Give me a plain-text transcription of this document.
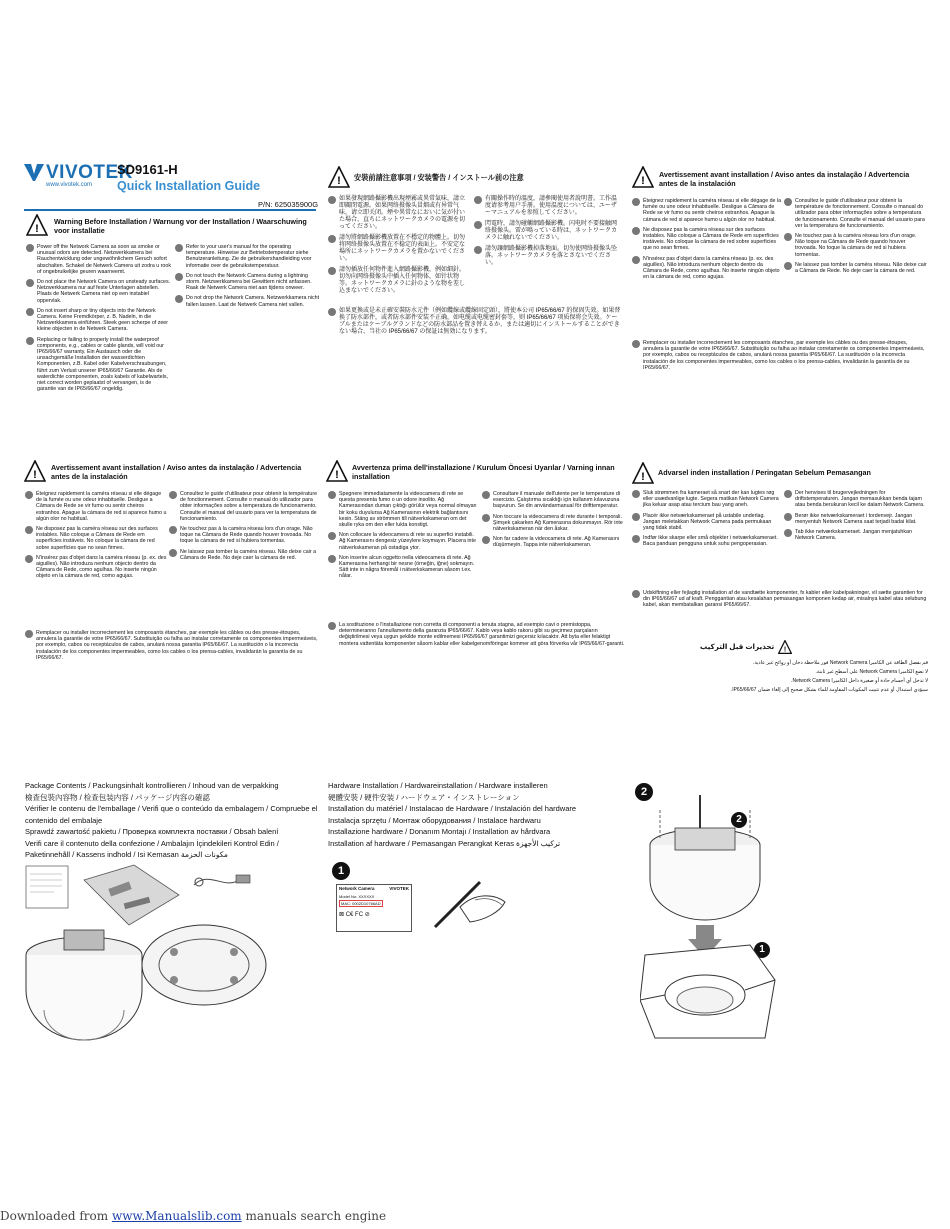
VIVOTEK
www.vivotek.com
SD9161-H
Quick Installation Guide
P/N: 625035900G
!
Warning Before Installation / Warnung vor der Installation / Waarschuwing voor installatie
Power off the Network Camera as soon as smoke or unusual odors are detected. Netzwerkkamera bei Rauchentwicklung oder ungewöhnlichem Geruch sofort abschalten. Schakel de Netwerk Camera uit zodra u rook of ongebruikelijke geuren waarneemt.
Do not place the Network Camera on unsteady surfaces. Netzwerkkamera nur auf feste Unterlagen abstellen. Plaats de Netwerk Camera niet op een instabiel oppervlak.
Do not insert sharp or tiny objects into the Network Camera. Keine Fremdkörper, z. B. Nadeln, in die Netzwerkkamera einführen. Steek geen scherpe of zeer kleine objecten in de Netwerk Camera.
Replacing or failing to properly install the waterproof components, e.g., cables or cable glands, will void our IP65/66/67 warranty. Ein Austausch oder die unsachgemäße Installation der wasserdichten Komponenten, z.B. Kabel oder Kabelverschraubungen, führt zum Verlust unserer IP65/66/67 Garantie. Als de waterdichte componenten, zoals kabels of kabelwartels, niet correct worden geplaatst of vervangen, is de garantie van de IP65/66/67 ongeldig.
Refer to your user's manual for the operating temperature. Hinweise zur Betriebstemperatur siehe Benutzeranleitung. Zie de gebruikershandleiding voor informatie over de gebruikstemperatuur.
Do not touch the Network Camera during a lightning storm. Netzwerkkamera bei Gewittern nicht anfassen. Raak de Netwerk Camera niet aan tijdens onweer.
Do not drop the Network Camera. Netzwerkkamera nicht fallen lassen. Laat de Netwerk Camera niet vallen.
! 安裝前請注意事項 / 安装警告 / インストール前の注意
如果發現網路攝影機出現煙霧或異常氣味，請立即關閉電源。如果网络摄像头冒烟或有异常气味，请立即关闭。煙や異常なにおいに気が付いた場合、直ちにネットワークカメラの電源を切ってください。
請勿將網路攝影機放置在不穩定的物體上。切勿将网络摄像头放置在不稳定的表面上。不安定な場所にネットワークカメラを置かないでください。
請勿插放任何物件進入網路攝影機，例如細針。切勿向网络摄像头中插入任何物体，如针状物等。ネットワークカメラに針のような物を差し込まないでください。
有關操作時的溫度，請參閱使用者說明書。工作温度请参考用户手册。使用温度については、ユーザーマニュアルを参照してください。
閃電時，請勿碰觸網路攝影機。闪电时不要接触网络摄像头。雷が鳴っている時は、ネットワークカメラに触れないでください。
請勿讓網路攝影機掉落地面。切勿使网络摄像头坠落。ネットワークカメラを落とさないでください。
如果更換或是未正確安裝防水元件（例如纜線或纜線固定頭），將使本公司 IP65/66/67 的保固失效。如果替换了防水部件，或者防水部件安装不正确，如电缆或电缆密封套等，则 IP65/66/67 项质保将会失效。ケーブルまたはケーブルグランドなどの防水部品を置き替えるか、または適切にインストールすることができない場合、当社の IP65/66/67 の保証は無効になります。
!
Avertissement avant installation / Aviso antes da instalação / Advertencia antes de la instalación
Éteignez rapidement la caméra réseau si elle dégage de la fumée ou une odeur inhabituelle. Desligue a Câmara de Rede se vir fumo ou sentir cheiros estranhos. Apague la cámara de red si aparece humo u algún olor no habitual.
Ne disposez pas la caméra réseau sur des surfaces instables. Não coloque a Câmara de Rede em superfícies instáveis. No coloque la cámara de red sobre superficies que no sean firmes.
N'insérez pas d'objet dans la caméra réseau (p. ex. des aiguilles). Não introduza nenhum objecto dentro da Câmara de Rede, como agulhas. No inserte ningún objeto en la cámara de red, como agujas.
Consultez le guide d'utilisateur pour obtenir la température de fonctionnement. Consulte o manual do utilizador para obter informações sobre a temperatura de funcionamento. Consulte el manual del usuario para ver la temperatura de funcionamiento.
Ne touchez pas à la caméra réseau lors d'un orage. Não toque na Câmara de Rede quando houver trovoada. No toque la cámara de red si hubiera tormentas.
Ne laissez pas tomber la caméra réseau. Não deixe cair a Câmara de Rede. No deje caer la cámara de red.
Remplacer ou installer incorrectement les composants étanches, par exemple les câbles ou des presse-étoupes, annulera la garantie de votre IP65/66/67. Substituição ou falha ao instalar corretamente os componentes impermeáveis, por exemplo, cabos ou receptáculos de cabos, anulará nossa garantia IP65/66/67. La sustitución o la incorrecta instalación de los componentes impermeables, como los cables o los prensa-cables, invalidarán la garantía de su IP65/66/67.
!
Avertissement avant installation / Aviso antes da instalação / Advertencia antes de la instalación
Éteignez rapidement la caméra réseau si elle dégage de la fumée ou une odeur inhabituelle. Desligue a Câmara de Rede se vir fumo ou sentir cheiros estranhos. Apague la cámara de red si aparece humo u algún olor no habitual.
Ne disposez pas la caméra réseau sur des surfaces instables. Não coloque a Câmara de Rede em superfícies instáveis. No coloque la cámara de red sobre superficies que no sean firmes.
N'insérez pas d'objet dans la caméra réseau (p. ex. des aiguilles). Não introduza nenhum objecto dentro da Câmara de Rede, como agulhas. No inserte ningún objeto en la cámara de red, como agujas.
Consultez le guide d'utilisateur pour obtenir la température de fonctionnement. Consulte o manual do utilizador para obter informações sobre a temperatura de funcionamento. Consulte el manual del usuario para ver la temperatura de funcionamiento.
Ne touchez pas à la caméra réseau lors d'un orage. Não toque na Câmara de Rede quando houver trovoada. No toque la cámara de red si hubiera tormentas.
Ne laissez pas tomber la caméra réseau. Não deixe cair a Câmara de Rede. No deje caer la cámara de red.
Remplacer ou installer incorrectement les composants étanches, par exemple les câbles ou des presse-étoupes, annulera la garantie de votre IP65/66/67. Substituição ou falha ao instalar corretamente os componentes impermeáveis, por exemplo, cabos ou receptáculos de cabos, anulará nossa garantia IP65/66/67. La sustitución o la incorrecta instalación de los componentes impermeables, como los cables o los prensa-cables, invalidarán la garantía de su IP65/66/67.
!
Avvertenza prima dell'installazione / Kurulum Öncesi Uyarılar / Varning innan installation
Spegnere immediatamente la videocamera di rete se questa presenta fumo o un odore insolito. Ağ Kamerasından duman çıktığı görülür veya normal olmayan bir koku duyulursa Ağ Kamerasının elektrik bağlantısını kesin. Stäng av strömmen till nätverkskameran om det skulle ryka om den eller lukta konstigt.
Non collocare la videocamera di rete su superfici instabili. Ağ Kamerasını dengesiz yüzeylere koymayın. Placera inte nätverkskameran på ostadiga ytor.
Non inserire alcun oggetto nella videocamera di rete. Ağ Kamerasına herhangi bir nesne (örneğin, iğne) sokmayın. Sätt inte in några föremål i nätverkskameran såsom t.ex. nålar.
Consultare il manuale dell'utente per le temperature di esercizio. Çalıştırma sıcaklığı için kullanım kılavuzuna başvurun. Se din användarmanual för drifttemperatur.
Non toccare la videocamera di rete durante i temporali. Şimşek çakarken Ağ Kamerasına dokunmayın. Rör inte nätverkskameran när den åskar.
Non far cadere la videocamera di rete. Ağ Kamerasını düşürmeyin. Tappa inte nätverkskameran.
La sostituzione o l'installazione non corretta di componenti a tenuta stagna, ad esempio cavi o premistoppa, determineranno l'annullamento della garanzia IP65/66/67. Kablo veya kablo rakoru gibi su geçirmez parçaların değiştirilmesi veya uygun şekilde monte edilmemesi IP65/66/67 garantimizi geçersiz kılacaktır. Att byta eller felaktigt montera vattentäta komponenter såsom kablar eller kabelgenomföringar kommer att göra förverka vår IP65/66/67-garanti.
! Advarsel inden installation / Peringatan Sebelum Pemasangan
Sluk strømmen fra kameraet så snart der kan lugtes røg eller usædvanlige lugte. Segera matikan Network Camera jika keluar asap atau tercium bau yang aneh.
Placér ikke netværkskameraet på ustabile underlag. Jangan meletakkan Network Camera pada permukaan yang tidak stabil.
Indfør ikke skarpe eller små objekter i netværkskameraet. Baca panduan pengguna untuk suhu pengoperasian.
Der henvises til brugervejledningen for driftstemperaturen. Jangan memasukkan benda tajam atau benda berukuran kecil ke dalam Network Camera.
Berør ikke netværkskameraet i tordenvejr. Jangan menyentuh Network Camera saat terjadi badai kilat.
Tab ikke netværkskameraet. Jangan menjatuhkan Network Camera.
Udskiftning eller fejlagtig installation af de vandtætte komponenter, fx kabler eller kabelpakninger, vil sætte garantien for din IP65/66/67 ud af kraft. Penggantian atau kesalahan pemasangan komponen kedap air, misalnya kabel atau selubung kabel, akan membatalkan garansi IP65/66/67.
!
تحذيرات قبل التركيب
قم بفصل الطاقة عن الكاميرا Network Camera فور ملاحظة دخان أو روائح غير عادية.
لا تضع الكاميرا Network Camera على أسطح غير ثابتة.
لا تدخل أي أجسام حادة أو صغيرة داخل الكاميرا Network Camera.
سيؤدي استبدال أو عدم تثبيت المكونات المقاومة للماء بشكل صحيح إلى إلغاء ضمان IP65/66/67.
Package Contents / Packungsinhalt kontrollieren / Inhoud van de verpakking
檢查包裝內容物 / 检查包装内容 / パッケージ内容の確認
Vérifier le contenu de l'emballage / Verifi que o conteúdo da embalagem / Compruebe el contenido del embalaje
Sprawdź zawartość pakietu / Проверка комплекта поставки / Obsah balení
Verifi care il contenuto della confezione / Ambalajın İçindekileri Kontrol Edin / Paketinnehåll / Kassens indhold / Isi Kemasan مكونات الحزمة
Hardware Installation / Hardwareinstallation / Hardware installeren
硬體安裝 / 硬件安装 / ハードウェア・インストレーション
Installation du matériel / Instalacao de Hardware / Instalación del hardware
Instalacja sprzętu / Монтаж оборудования / Instalace hardwaru
Installazione hardware / Donanım Montajı / Installation av hårdvara
Installation af hardware / Pemasangan Perangkat Keras تركيب الأجهزة
1
Network Camera	VIVOTEK
Model No: XXXXXX
MAC: 0002D10766AD
⊠ C€ FC ⊘
2
2
1
Downloaded from www.Manualslib.com manuals search engine
